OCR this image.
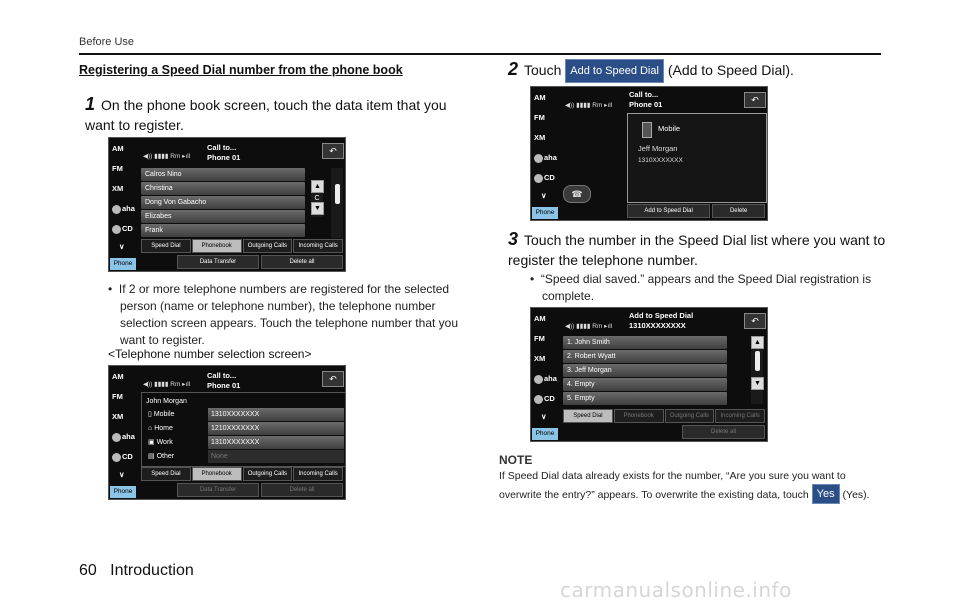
Before Use
Registering a Speed Dial number from the phone book
1 On the phone book screen, touch the data item that you want to register.
AM
FM
XM
aha
CD
∨
Phone
◀)) ▮▮▮▮ Rm ▸ıll
Call to...
Phone 01
↶
Calros Nino
Christina
Dong Von Gabacho
Elizabes
Frank
▲
C
▼
Speed Dial	Phonebook	Outgoing Calls	Incoming Calls
Data Transfer	Delete all
•  If 2 or more telephone numbers are registered for the selected person (name or telephone number), the telephone number selection screen appears. Touch the telephone number that you want to register.
<Telephone number selection screen>
AM
FM
XM
aha
CD
∨
Phone
◀)) ▮▮▮▮ Rm ▸ıll
Call to...
Phone 01
↶
John Morgan
▯ Mobile	1310XXXXXXX
⌂ Home	1210XXXXXXX
▣ Work	1310XXXXXXX
▤ Other	None
Speed Dial	Phonebook	Outgoing Calls	Incoming Calls
Data Transfer	Delete all
2 Touch Add to Speed Dial (Add to Speed Dial).
AM
FM
XM
aha
CD
∨
Phone
◀)) ▮▮▮▮ Rm ▸ıll
Call to...
Phone 01	↶
☎
Mobile
Jeff Morgan
1310XXXXXXX
Add to Speed Dial	Delete
3 Touch the number in the Speed Dial list where you want to register the telephone number.
•  “Speed dial saved.” appears and the Speed Dial registration is complete.
AM
FM
XM
aha
CD
∨
Phone
◀)) ▮▮▮▮ Rm ▸ıll
Add to Speed Dial
1310XXXXXXXX	↶
1. John Smith
2. Robert Wyatt
3. Jeff Morgan
4. Empty
5. Empty
▲
▼
Speed Dial	Phonebook	Outgoing Calls	Incoming Calls
Delete all
NOTE
If Speed Dial data already exists for the number, “Are you sure you want to overwrite the entry?” appears. To overwrite the existing data, touch Yes (Yes).
60 Introduction
carmanualsonline.info
